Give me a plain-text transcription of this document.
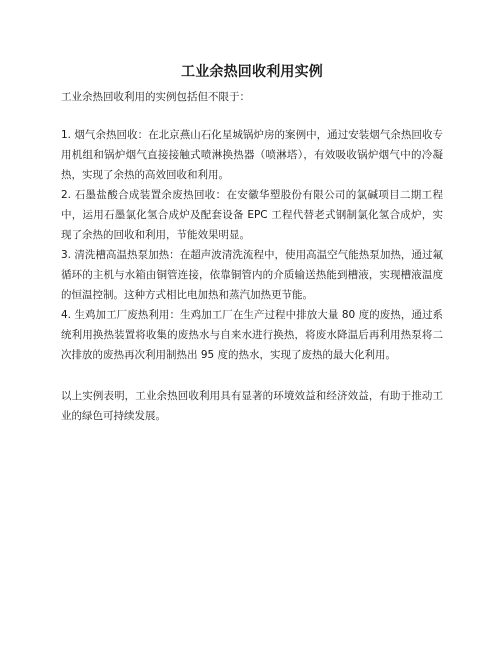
工业余热回收利用实例

工业余热回收利用的实例包括但不限于：

1. 烟气余热回收：在北京燕山石化星城锅炉房的案例中，通过安装烟气余热回收专用机组和锅炉烟气直接接触式喷淋换热器（喷淋塔），有效吸收锅炉烟气中的冷凝热，实现了余热的高效回收和利用。

2. 石墨盐酸合成装置余废热回收：在安徽华塑股份有限公司的氯碱项目二期工程中，运用石墨氯化氢合成炉及配套设备 EPC 工程代替老式钢制氯化氢合成炉，实现了余热的回收和利用，节能效果明显。

3. 清洗槽高温热泵加热：在超声波清洗流程中，使用高温空气能热泵加热，通过氟循环的主机与水箱由铜管连接，依靠铜管内的介质输送热能到槽液，实现槽液温度的恒温控制。这种方式相比电加热和蒸汽加热更节能。

4. 生鸡加工厂废热利用：生鸡加工厂在生产过程中排放大量 80 度的废热，通过系统利用换热装置将收集的废热水与自来水进行换热，将废水降温后再利用热泵将二次排放的废热再次利用制热出 95 度的热水，实现了废热的最大化利用。

以上实例表明，工业余热回收利用具有显著的环境效益和经济效益，有助于推动工业的绿色可持续发展。
